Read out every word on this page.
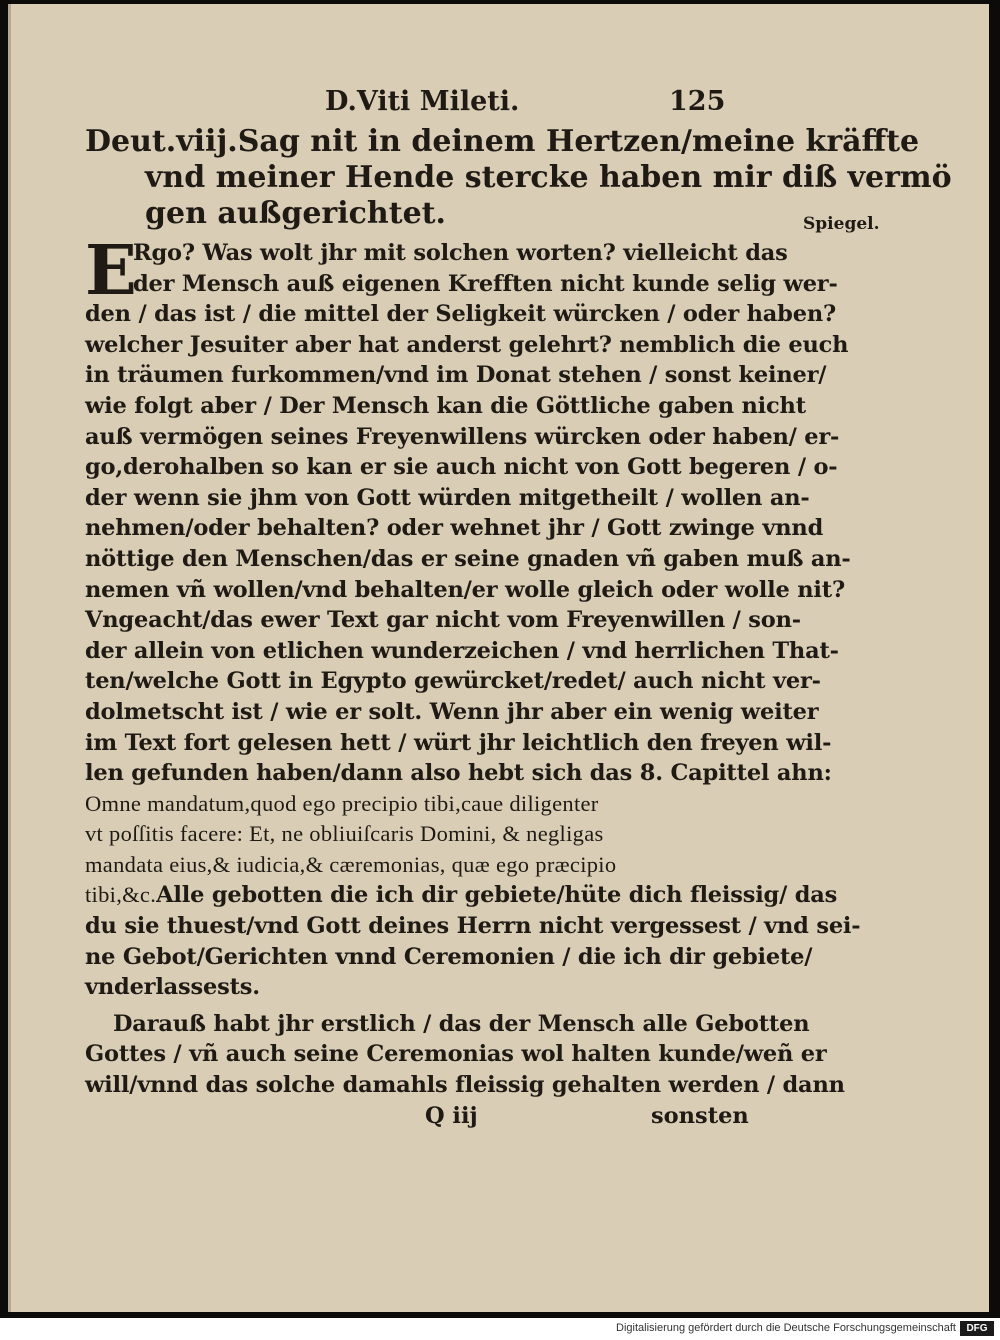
D.Viti Mileti.	125
Deut.viij.Sag nit in deinem Hertzen/meine kräffte
vnd meiner Hende stercke haben mir diß vermö
gen außgerichtet.
E
Rgo? Was wolt jhr mit solchen worten? vielleicht das
der Mensch auß eigenen Krefften nicht kunde selig wer-
den / das ist / die mittel der Seligkeit würcken / oder haben?
welcher Jesuiter aber hat anderst gelehrt? nemblich die euch
in träumen furkommen/vnd im Donat stehen / sonst keiner/
wie folgt aber / Der Mensch kan die Göttliche gaben nicht
auß vermögen seines Freyenwillens würcken oder haben/ er-
go,derohalben so kan er sie auch nicht von Gott begeren / o-
der wenn sie jhm von Gott würden mitgetheilt / wollen an-
nehmen/oder behalten? oder wehnet jhr / Gott zwinge vnnd
nöttige den Menschen/das er seine gnaden vñ gaben muß an-
nemen vñ wollen/vnd behalten/er wolle gleich oder wolle nit?
Vngeacht/das ewer Text gar nicht vom Freyenwillen / son-
der allein von etlichen wunderzeichen / vnd herrlichen That-
ten/welche Gott in Egypto gewürcket/redet/ auch nicht ver-
dolmetscht ist / wie er solt. Wenn jhr aber ein wenig weiter
im Text fort gelesen hett / würt jhr leichtlich den freyen wil-
len gefunden haben/dann also hebt sich das 8. Capittel ahn:
Omne mandatum,quod ego precipio tibi,caue diligenter
vt poſſitis facere: Et, ne obliuiſcaris Domini, & negligas
mandata eius,& iudicia,& cæremonias, quæ ego præcipio
tibi,&c.Alle gebotten die ich dir gebiete/hüte dich fleissig/ das
du sie thuest/vnd Gott deines Herrn nicht vergessest / vnd sei-
ne Gebot/Gerichten vnnd Ceremonien / die ich dir gebiete/
vnderlassests.
Darauß habt jhr erstlich / das der Mensch alle Gebotten
Gottes / vñ auch seine Ceremonias wol halten kunde/weñ er
will/vnnd das solche damahls fleissig gehalten werden / dann
Q iij	sonsten
Spiegel.
Digitalisierung gefördert durch die Deutsche Forschungsgemeinschaft	DFG
